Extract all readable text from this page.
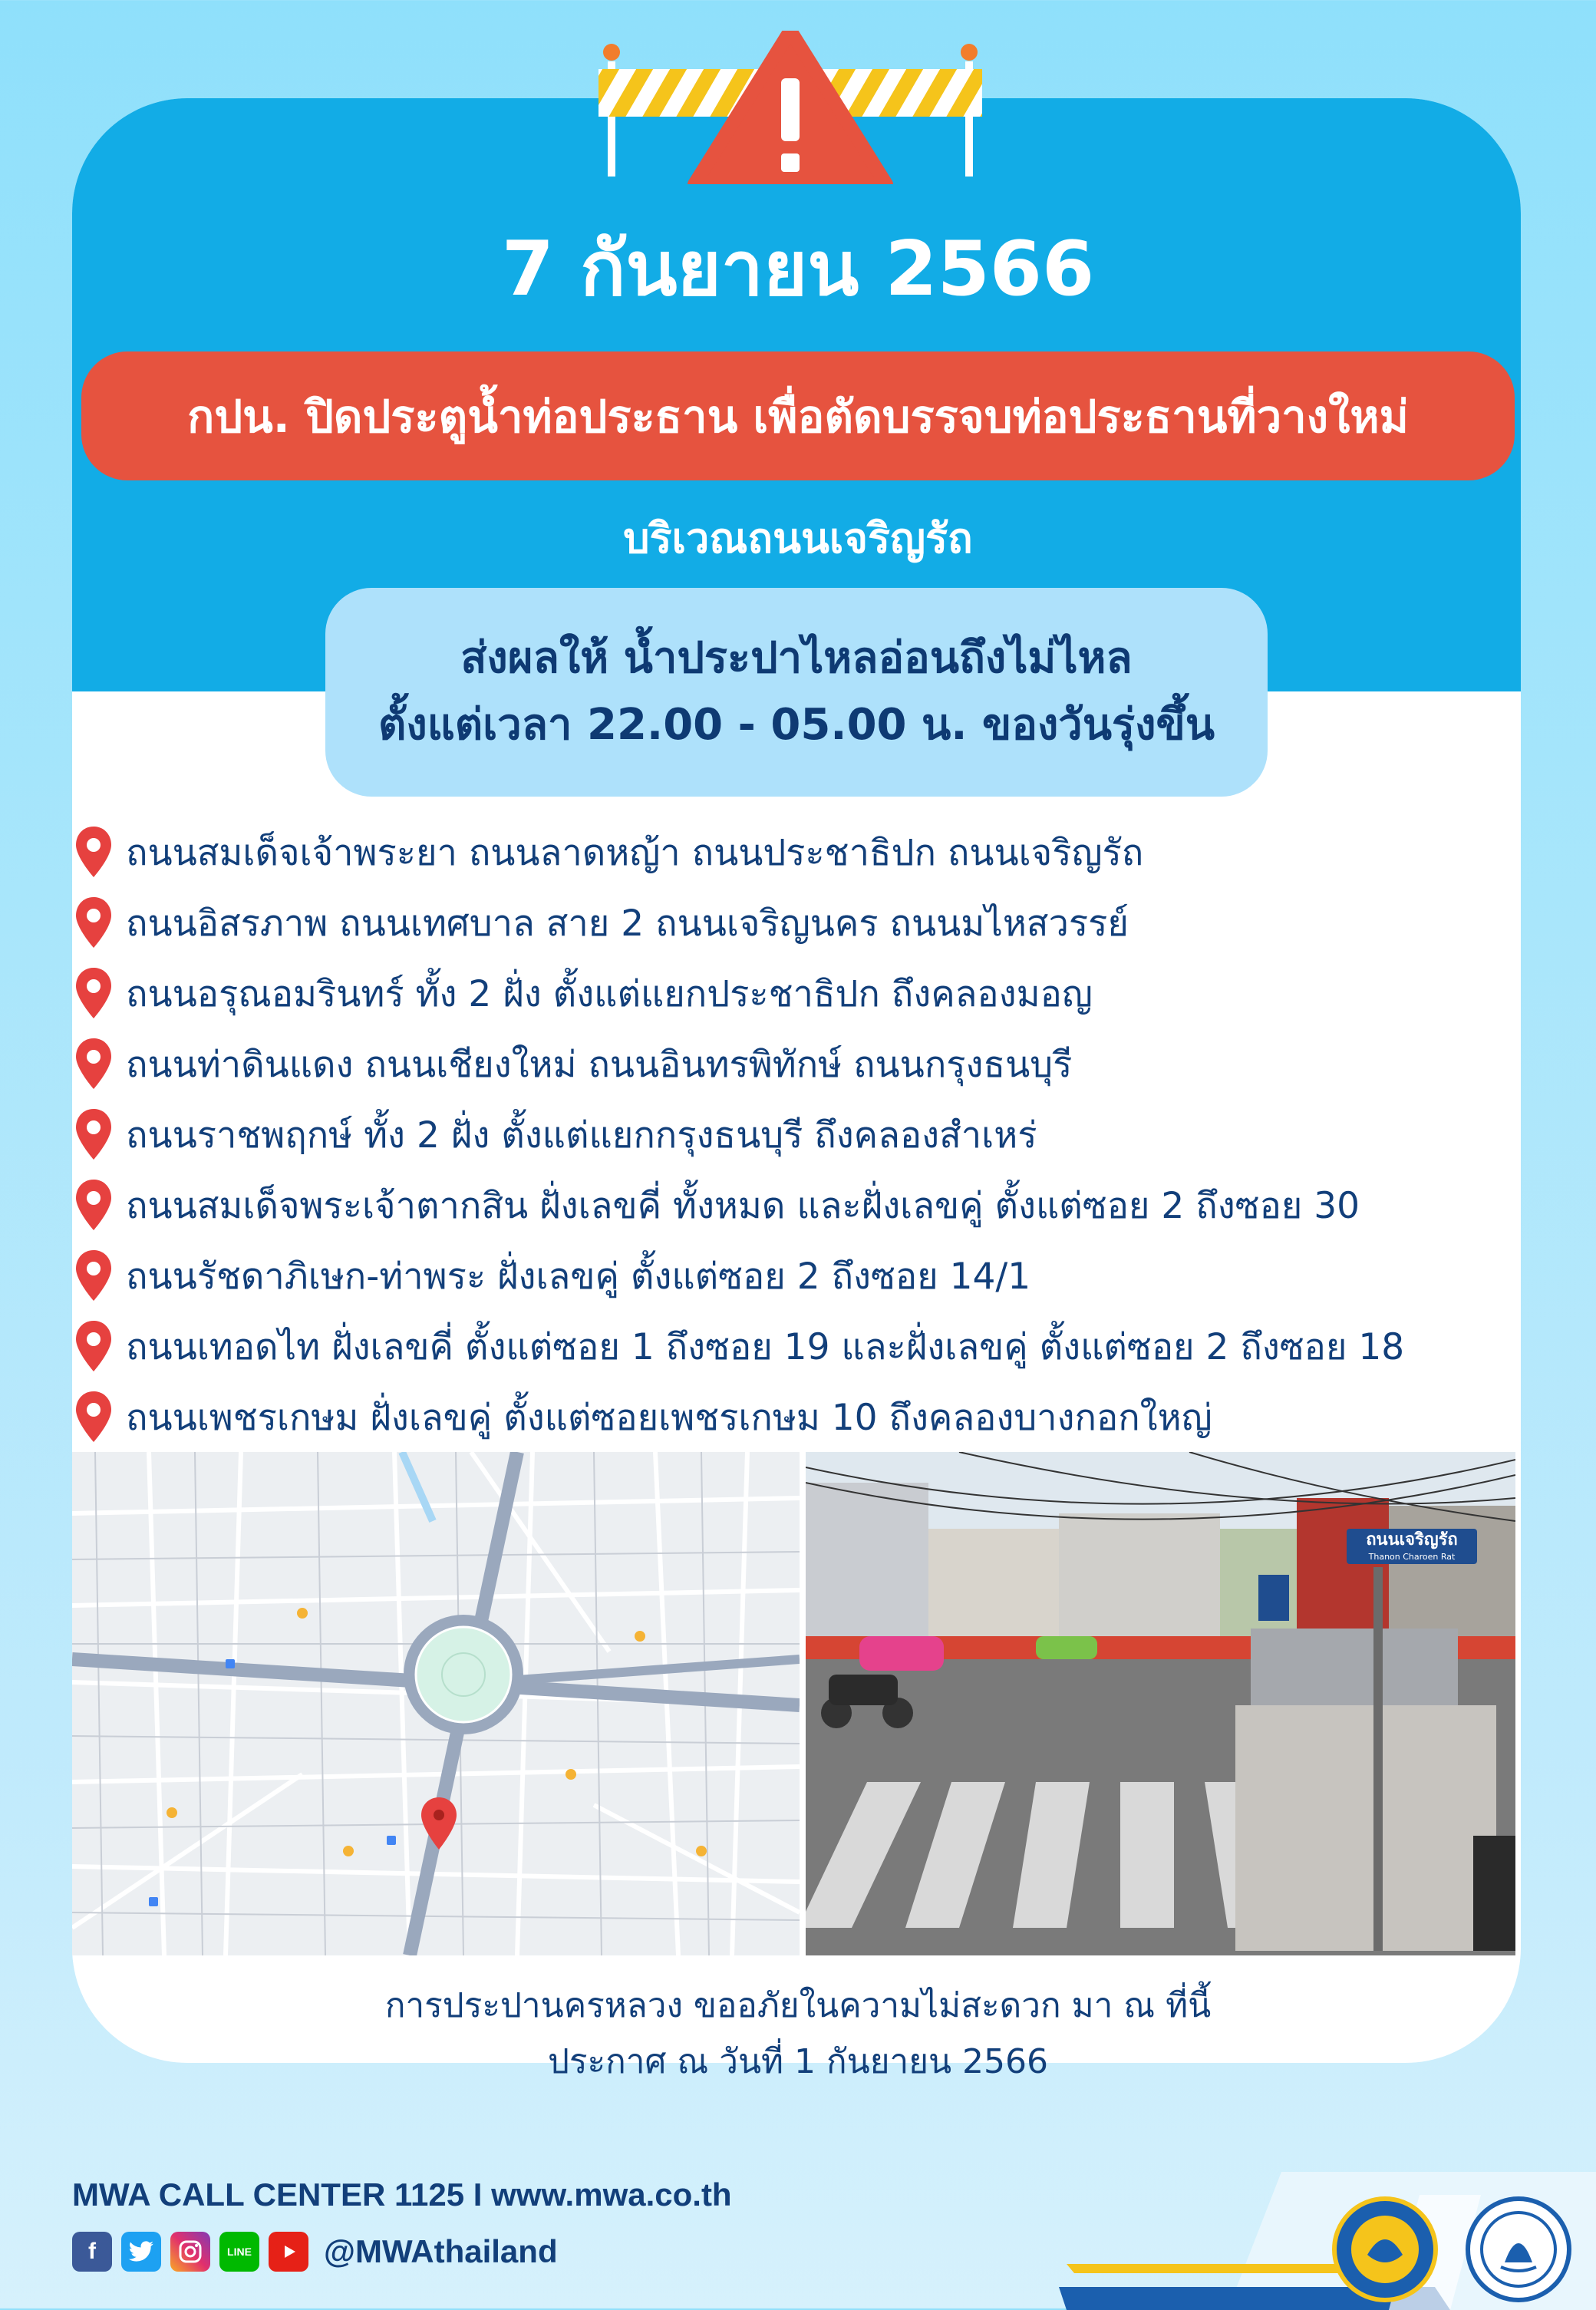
7 กันยายน 2566
กปน. ปิดประตูน้ำท่อประธาน เพื่อตัดบรรจบท่อประธานที่วางใหม่
บริเวณถนนเจริญรัถ
ส่งผลให้ น้ำประปาไหลอ่อนถึงไม่ไหล
ตั้งแต่เวลา 22.00 - 05.00 น. ของวันรุ่งขึ้น
ถนนสมเด็จเจ้าพระยา ถนนลาดหญ้า ถนนประชาธิปก ถนนเจริญรัถ
ถนนอิสรภาพ ถนนเทศบาล สาย 2 ถนนเจริญนคร ถนนมไหสวรรย์
ถนนอรุณอมรินทร์ ทั้ง 2 ฝั่ง ตั้งแต่แยกประชาธิปก ถึงคลองมอญ
ถนนท่าดินแดง ถนนเชียงใหม่ ถนนอินทรพิทักษ์ ถนนกรุงธนบุรี
ถนนราชพฤกษ์ ทั้ง 2 ฝั่ง ตั้งแต่แยกกรุงธนบุรี ถึงคลองสำเหร่
ถนนสมเด็จพระเจ้าตากสิน ฝั่งเลขคี่ ทั้งหมด และฝั่งเลขคู่ ตั้งแต่ซอย 2 ถึงซอย 30
ถนนรัชดาภิเษก-ท่าพระ ฝั่งเลขคู่ ตั้งแต่ซอย 2 ถึงซอย 14/1
ถนนเทอดไท ฝั่งเลขคี่ ตั้งแต่ซอย 1 ถึงซอย 19 และฝั่งเลขคู่ ตั้งแต่ซอย 2 ถึงซอย 18
ถนนเพชรเกษม ฝั่งเลขคู่ ตั้งแต่ซอยเพชรเกษม 10 ถึงคลองบางกอกใหญ่
ถนนเจริญรัถ
Thanon Charoen Rat
การประปานครหลวง ขออภัยในความไม่สะดวก มา ณ ที่นี้
ประกาศ ณ วันที่ 1 กันยายน 2566
MWA CALL CENTER 1125 I www.mwa.co.th
f	LINE @MWAthailand
